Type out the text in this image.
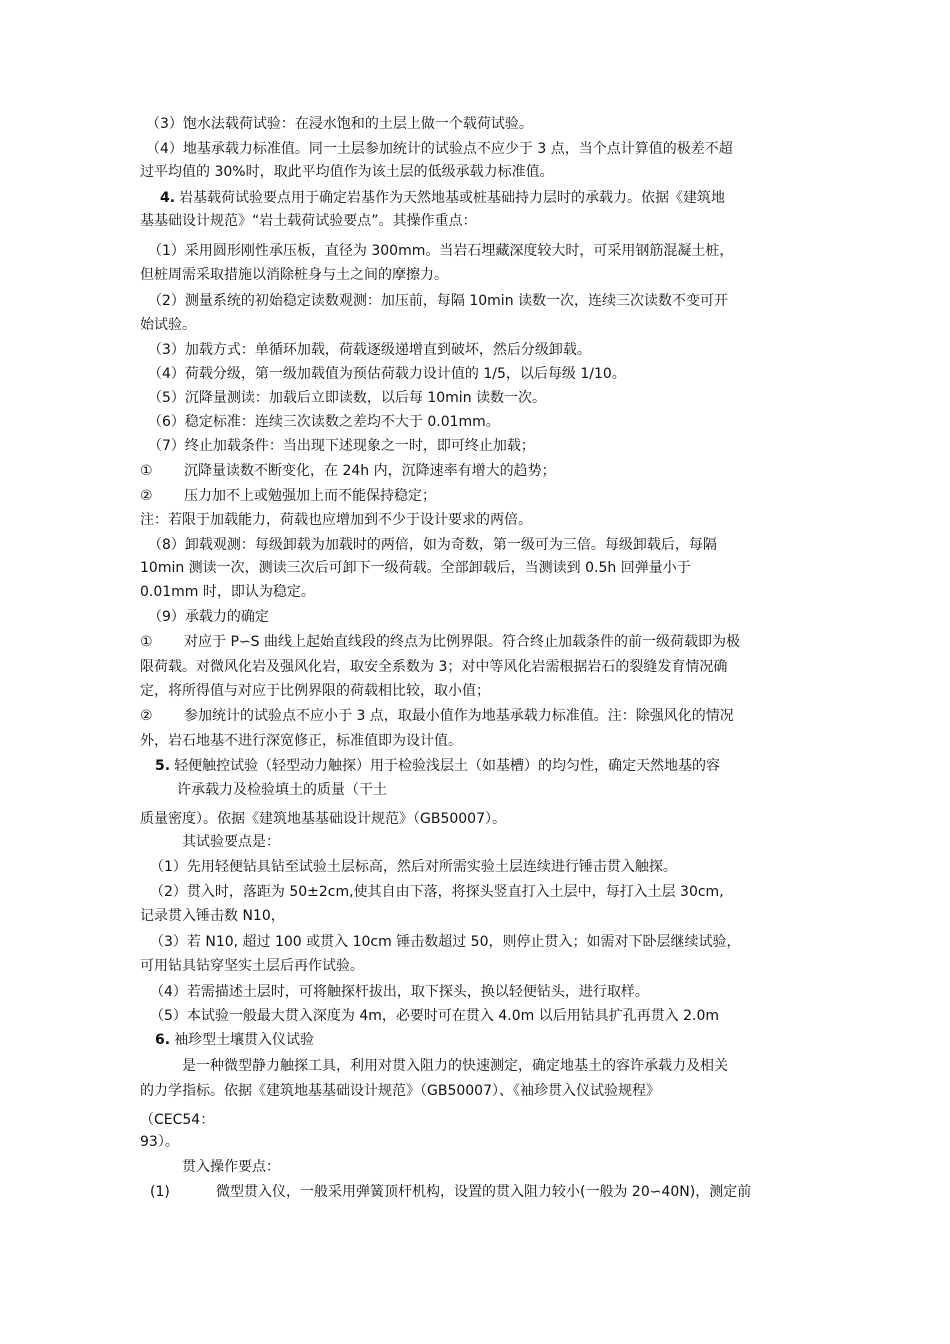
（3）饱水法载荷试验：在浸水饱和的土层上做一个载荷试验。

（4）地基承载力标准值。同一土层参加统计的试验点不应少于 3 点，当个点计算值的极差不超

过平均值的 30%时，取此平均值作为该土层的低级承载力标准值。

4. 岩基载荷试验要点用于确定岩基作为天然地基或桩基础持力层时的承载力。依据《建筑地

基基础设计规范》“岩土载荷试验要点”。其操作重点：

（1）采用圆形刚性承压板，直径为 300mm。当岩石埋藏深度较大时，可采用钢筋混凝土桩，

但桩周需采取措施以消除桩身与土之间的摩擦力。

（2）测量系统的初始稳定读数观测：加压前，每隔 10min 读数一次，连续三次读数不变可开

始试验。

（3）加载方式：单循环加载，荷载逐级递增直到破坏，然后分级卸载。

（4）荷载分级，第一级加载值为预估荷载力设计值的 1/5，以后每级 1/10。

（5）沉降量测读：加载后立即读数，以后每 10min 读数一次。

（6）稳定标准：连续三次读数之差均不大于 0.01mm。

（7）终止加载条件：当出现下述现象之一时，即可终止加载；

① 沉降量读数不断变化，在 24h 内，沉降速率有增大的趋势；

② 压力加不上或勉强加上而不能保持稳定；

注：若限于加载能力，荷载也应增加到不少于设计要求的两倍。

（8）卸载观测：每级卸载为加载时的两倍，如为奇数，第一级可为三倍。每级卸载后，每隔

10min 测读一次，测读三次后可卸下一级荷载。全部卸载后，当测读到 0.5h 回弹量小于

0.01mm 时，即认为稳定。

（9）承载力的确定

① 对应于 P∽S 曲线上起始直线段的终点为比例界限。符合终止加载条件的前一级荷载即为极

限荷载。对微风化岩及强风化岩，取安全系数为 3；对中等风化岩需根据岩石的裂缝发育情况确

定，将所得值与对应于比例界限的荷载相比较，取小值；

② 参加统计的试验点不应小于 3 点，取最小值作为地基承载力标准值。注：除强风化的情况

外，岩石地基不进行深宽修正，标准值即为设计值。

5. 轻便触控试验（轻型动力触探）用于检验浅层土（如基槽）的均匀性，确定天然地基的容

许承载力及检验填土的质量（干土

质量密度）。依据《建筑地基基础设计规范》（GB50007）。

其试验要点是：

（1）先用轻便钻具钻至试验土层标高，然后对所需实验土层连续进行锤击贯入触探。

（2）贯入时，落距为 50±2cm,使其自由下落，将探头竖直打入土层中，每打入土层 30cm,

记录贯入锤击数 N10，

（3）若 N10, 超过 100 或贯入 10cm 锤击数超过 50，则停止贯入；如需对下卧层继续试验，

可用钻具钻穿坚实土层后再作试验。

（4）若需描述土层时，可将触探杆拔出，取下探头，换以轻便钻头，进行取样。

（5）本试验一般最大贯入深度为 4m，必要时可在贯入 4.0m 以后用钻具扩孔再贯入 2.0m

6. 袖珍型土壤贯入仪试验

是一种微型静力触探工具，利用对贯入阻力的快速测定，确定地基土的容许承载力及相关

的力学指标。依据《建筑地基基础设计规范》（GB50007）、《袖珍贯入仪试验规程》

（CEC54：

93）。

贯入操作要点：

(1)	微型贯入仪，一般采用弹簧顶杆机构，设置的贯入阻力较小(一般为 20∽40N)，测定前
